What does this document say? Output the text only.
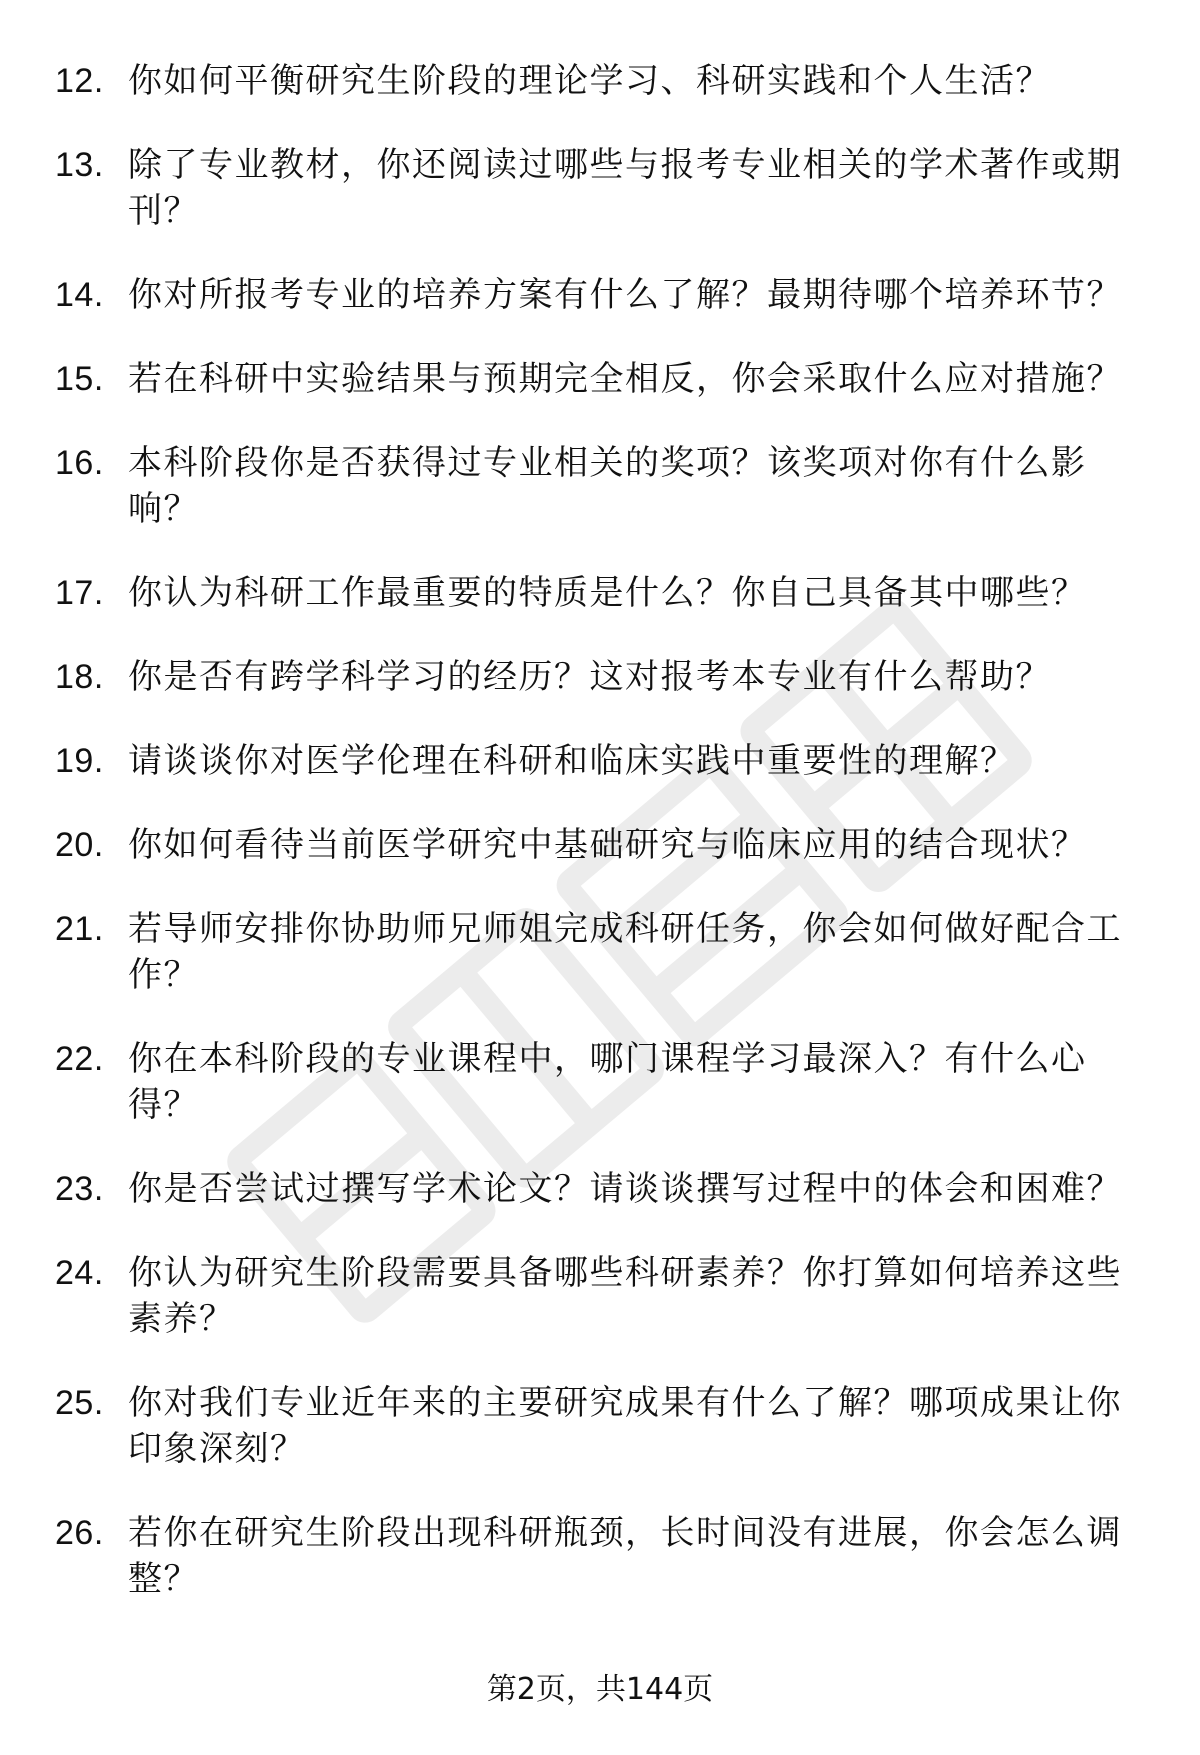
12. 你如何平衡研究生阶段的理论学习、科研实践和个人生活？
13. 除了专业教材，你还阅读过哪些与报考专业相关的学术著作或期刊？
14. 你对所报考专业的培养方案有什么了解？最期待哪个培养环节？
15. 若在科研中实验结果与预期完全相反，你会采取什么应对措施？
16. 本科阶段你是否获得过专业相关的奖项？该奖项对你有什么影响？
17. 你认为科研工作最重要的特质是什么？你自己具备其中哪些？
18. 你是否有跨学科学习的经历？这对报考本专业有什么帮助？
19. 请谈谈你对医学伦理在科研和临床实践中重要性的理解？
20. 你如何看待当前医学研究中基础研究与临床应用的结合现状？
21. 若导师安排你协助师兄师姐完成科研任务，你会如何做好配合工作？
22. 你在本科阶段的专业课程中，哪门课程学习最深入？有什么心得？
23. 你是否尝试过撰写学术论文？请谈谈撰写过程中的体会和困难？
24. 你认为研究生阶段需要具备哪些科研素养？你打算如何培养这些素养？
25. 你对我们专业近年来的主要研究成果有什么了解？哪项成果让你印象深刻？
26. 若你在研究生阶段出现科研瓶颈，长时间没有进展，你会怎么调整？
第2页，共144页
